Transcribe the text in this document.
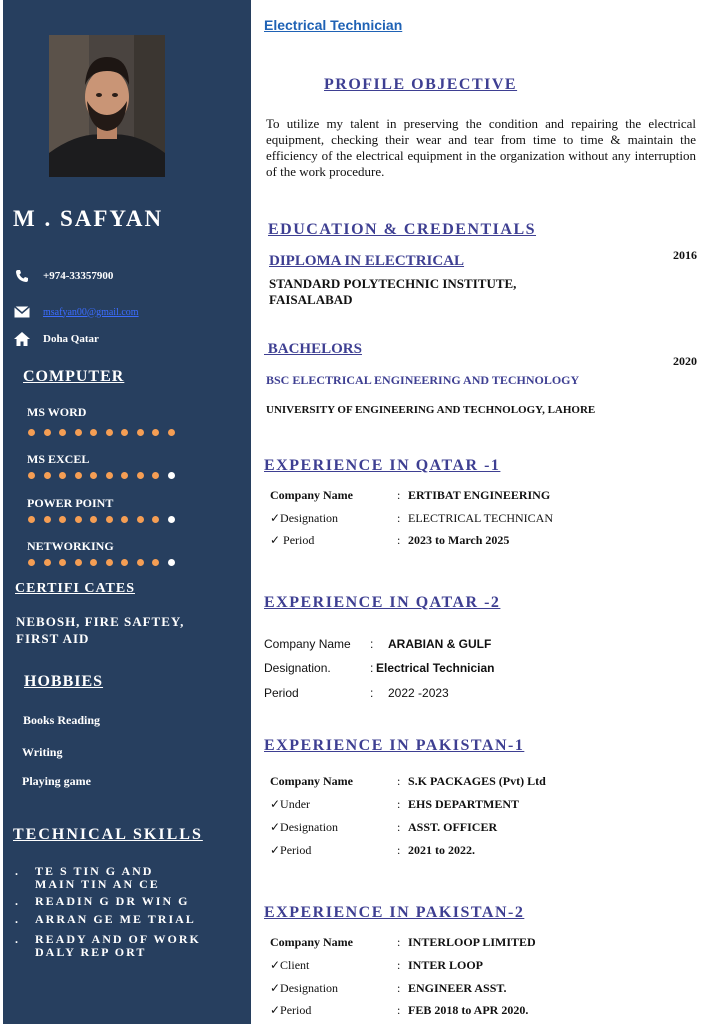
M . SAFYAN
+974-33357900
msafyan00@gmail.com
Doha Qatar
COMPUTER
MS WORD
MS EXCEL
POWER POINT
NETWORKING
CERTIFI CATES
NEBOSH, FIRE SAFTEY,
FIRST AID
HOBBIES
Books Reading
Writing
Playing game
TECHNICAL SKILLS
. TE S TIN G AND
MAIN TIN AN CE
. READIN G DR WIN G
. ARRAN GE ME TRIAL
. READY AND OF WORK
DALY REP ORT
Electrical Technician
PROFILE OBJECTIVE
To utilize my talent in preserving the condition and repairing the electrical equipment, checking their wear and tear from time to time & maintain the efficiency of the electrical equipment in the organization without any interruption of the work procedure.
EDUCATION & CREDENTIALS
DIPLOMA IN ELECTRICAL	2016
STANDARD POLYTECHNIC INSTITUTE,
FAISALABAD
BACHELORS
2020
BSC ELECTRICAL ENGINEERING AND TECHNOLOGY
UNIVERSITY OF ENGINEERING AND TECHNOLOGY, LAHORE
EXPERIENCE IN QATAR -1
Company Name	: ERTIBAT ENGINEERING
✓Designation	: ELECTRICAL TECHNICAN
✓ Period	: 2023 to March 2025
EXPERIENCE IN QATAR -2
Company Name	: ARABIAN & GULF
Designation.	: Electrical Technician
Period	: 2022 -2023
EXPERIENCE IN PAKISTAN-1
Company Name	: S.K PACKAGES (Pvt) Ltd
✓Under	: EHS DEPARTMENT
✓Designation	: ASST. OFFICER
✓Period	: 2021 to 2022.
EXPERIENCE IN PAKISTAN-2
Company Name	: INTERLOOP LIMITED
✓Client	: INTER LOOP
✓Designation	: ENGINEER ASST.
✓Period	: FEB 2018 to APR 2020.
